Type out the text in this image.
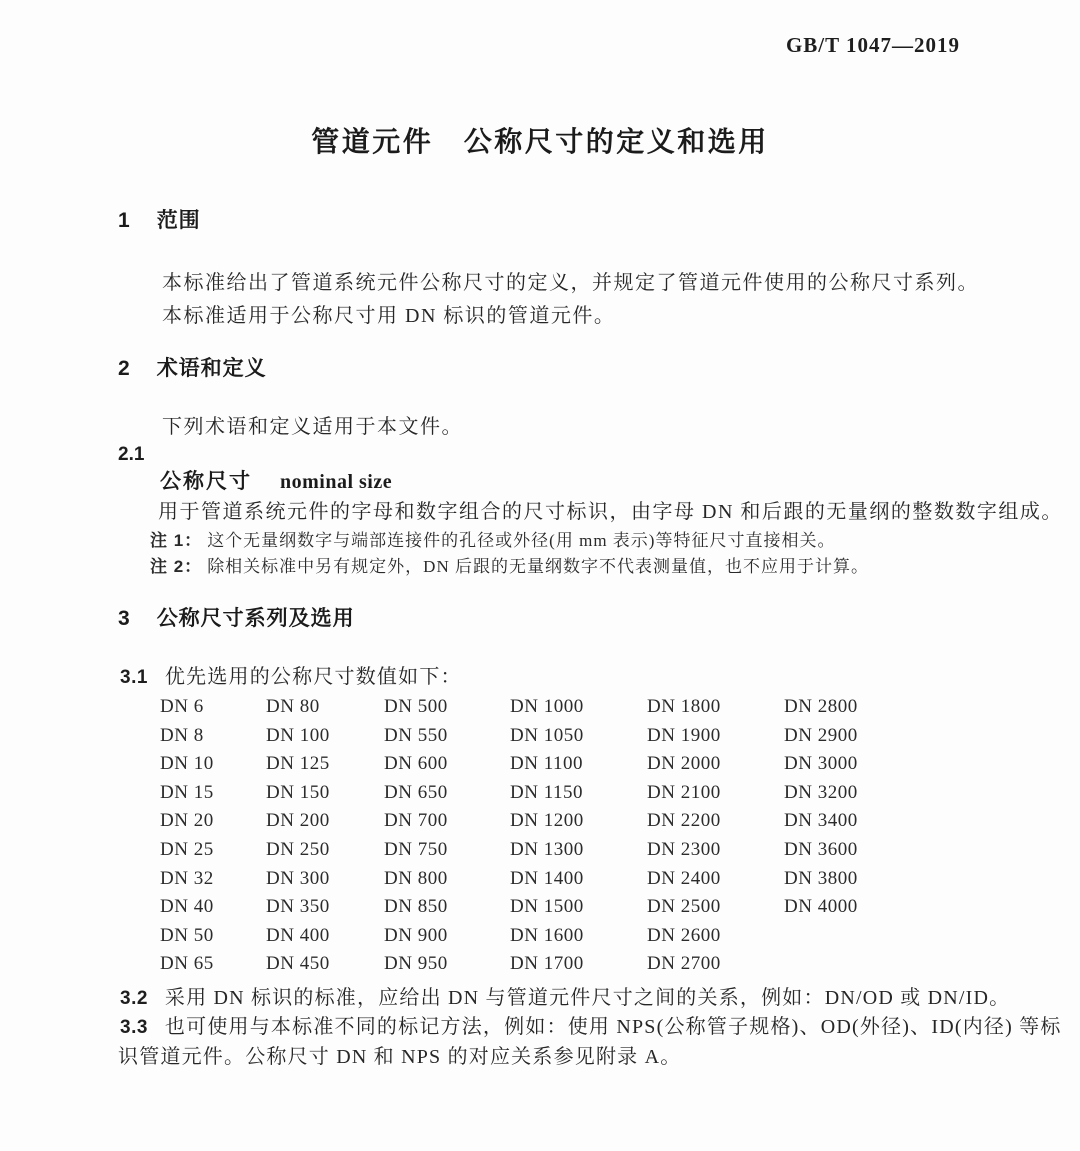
GB/T 1047—2019
管道元件　公称尺寸的定义和选用
1 范围

本标准给出了管道系统元件公称尺寸的定义，并规定了管道元件使用的公称尺寸系列。

本标准适用于公称尺寸用 DN 标识的管道元件。

2 术语和定义

下列术语和定义适用于本文件。

2.1
公称尺寸 nominal size

用于管道系统元件的字母和数字组合的尺寸标识，由字母 DN 和后跟的无量纲的整数数字组成。

注 1： 这个无量纲数字与端部连接件的孔径或外径(用 mm 表示)等特征尺寸直接相关。

注 2： 除相关标准中另有规定外，DN 后跟的无量纲数字不代表测量值，也不应用于计算。

3 公称尺寸系列及选用

3.1 优先选用的公称尺寸数值如下：

DN 6	DN 80	DN 500	DN 1000	DN 1800	DN 2800
DN 8	DN 100	DN 550	DN 1050	DN 1900	DN 2900
DN 10	DN 125	DN 600	DN 1100	DN 2000	DN 3000
DN 15	DN 150	DN 650	DN 1150	DN 2100	DN 3200
DN 20	DN 200	DN 700	DN 1200	DN 2200	DN 3400
DN 25	DN 250	DN 750	DN 1300	DN 2300	DN 3600
DN 32	DN 300	DN 800	DN 1400	DN 2400	DN 3800
DN 40	DN 350	DN 850	DN 1500	DN 2500	DN 4000
DN 50	DN 400	DN 900	DN 1600	DN 2600
DN 65	DN 450	DN 950	DN 1700	DN 2700

3.2 采用 DN 标识的标准，应给出 DN 与管道元件尺寸之间的关系，例如：DN/OD 或 DN/ID。

3.3 也可使用与本标准不同的标记方法，例如：使用 NPS(公称管子规格)、OD(外径)、ID(内径) 等标

识管道元件。公称尺寸 DN 和 NPS 的对应关系参见附录 A。
